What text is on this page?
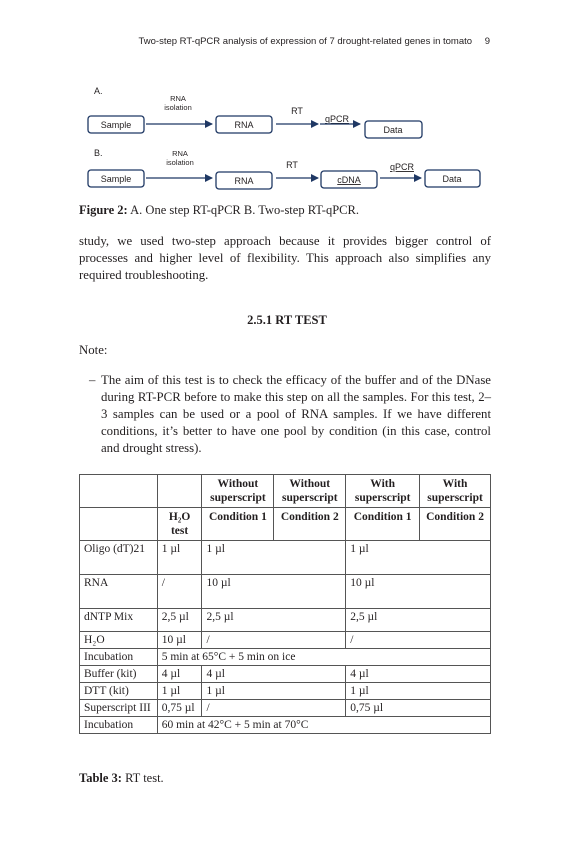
Two-step RT-qPCR analysis of expression of 7 drought-related genes in tomato 9
A.
Sample
RNA
isolation
RNA
RT
qPCR
Data
B.
Sample
RNA
isolation
RNA
RT
cDNA
qPCR
Data
Figure 2: A. One step RT-qPCR B. Two-step RT-qPCR.

study, we used two-step approach because it provides bigger control of processes and higher level of flexibility. This approach also simplifies any required troubleshooting.

2.5.1 RT TEST
Note:
– The aim of this test is to check the efficacy of the buffer and of the DNase during RT-PCR before to make this step on all the samples. For this test, 2–3 samples can be used or a pool of RNA samples. If we have different conditions, it’s better to have one pool by condition (in this case, control and drought stress).
		Without superscript	Without superscript	With superscript	With superscript
	H₂O test	Condition 1	Condition 2	Condition 1	Condition 2
Oligo (dT)21	1 µl	1 µl		1 µl	
RNA	/	10 µl		10 µl	
dNTP Mix	2,5 µl	2,5 µl		2,5 µl	
H₂O	10 µl	/		/	
Incubation	5 min at 65°C + 5 min on ice				
Buffer (kit)	4 µl	4 µl		4 µl	
DTT (kit)	1 µl	1 µl		1 µl	
Superscript III	0,75 µl	/		0,75 µl	
Incubation	60 min at 42°C + 5 min at 70°C				
Table 3: RT test.
